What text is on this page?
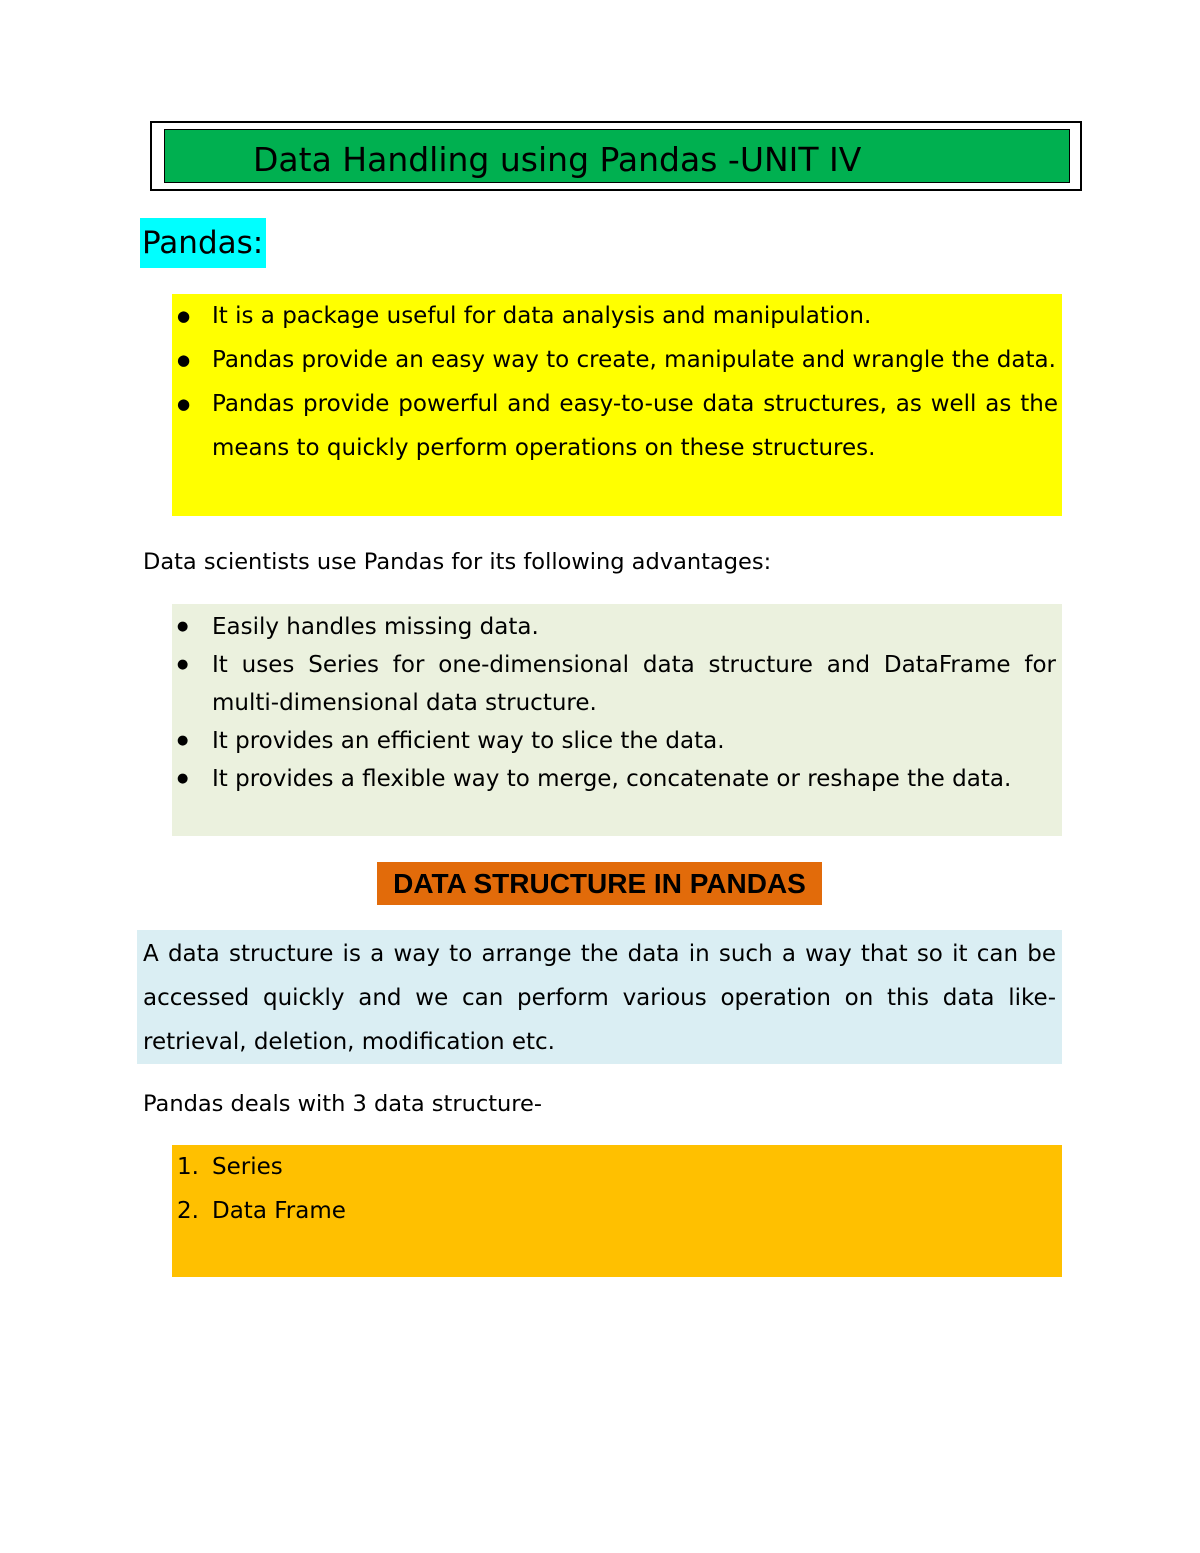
Data Handling using Pandas -UNIT IV
Pandas:
● It is a package useful for data analysis and manipulation.
● Pandas provide an easy way to create, manipulate and wrangle the data.
● Pandas provide powerful and easy-to-use data structures, as well as the means to quickly perform operations on these structures.
Data scientists use Pandas for its following advantages:
● Easily handles missing data.
● It uses Series for one-dimensional data structure and DataFrame for multi-dimensional data structure.
● It provides an efficient way to slice the data.
● It provides a flexible way to merge, concatenate or reshape the data.
DATA STRUCTURE IN PANDAS
A data structure is a way to arrange the data in such a way that so it can be accessed quickly and we can perform various operation on this data like- retrieval, deletion, modification etc.
Pandas deals with 3 data structure-
1. Series
2. Data Frame
